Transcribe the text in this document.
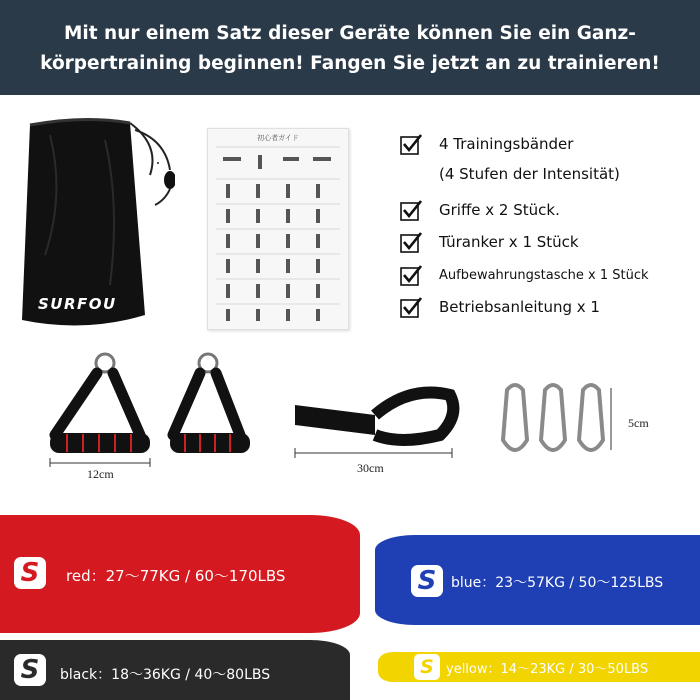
Mit nur einem Satz dieser Geräte können Sie ein Ganz-
körpertraining beginnen! Fangen Sie jetzt an zu trainieren!
SURFOU
初心者ガイド	4 Trainingsbänder
(4 Stufen der Intensität)
Griffe x 2 Stück.
Türanker x 1 Stück
Aufbewahrungstasche x 1 Stück
Betriebsanleitung x 1
12cm	30cm
5cm
S	red：27～77KG / 60～170LBS	S	blue：23～57KG / 50～125LBS
S	black：18～36KG / 40～80LBS	S yellow：14～23KG / 30～50LBS
